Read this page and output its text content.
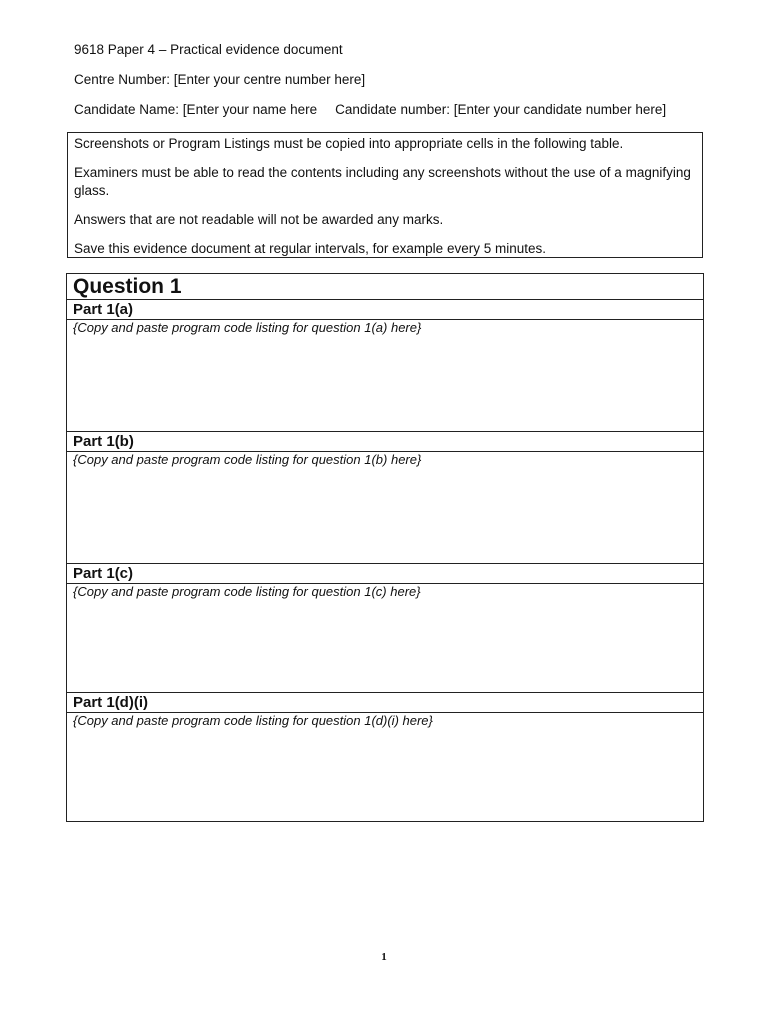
9618 Paper 4 – Practical evidence document
Centre Number: [Enter your centre number here]
Candidate Name: [Enter your name here Candidate number: [Enter your candidate number here]

Screenshots or Program Listings must be copied into appropriate cells in the following table.

Examiners must be able to read the contents including any screenshots without the use of a magnifying glass.

Answers that are not readable will not be awarded any marks.

Save this evidence document at regular intervals, for example every 5 minutes.

Question 1
Part 1(a)
{Copy and paste program code listing for question 1(a) here}
Part 1(b)
{Copy and paste program code listing for question 1(b) here}
Part 1(c)
{Copy and paste program code listing for question 1(c) here}
Part 1(d)(i)
{Copy and paste program code listing for question 1(d)(i) here}
1
